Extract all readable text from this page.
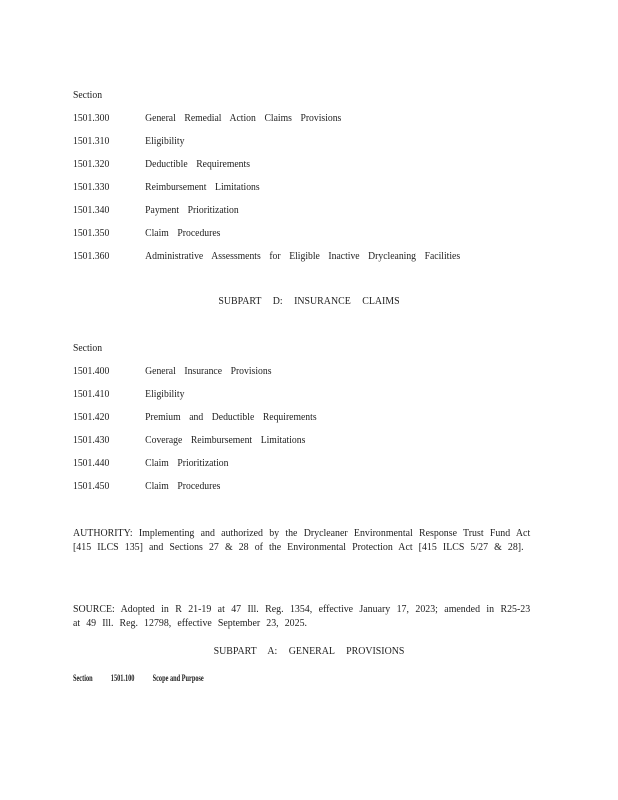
Section
1501.300	General Remedial Action Claims Provisions
1501.310	Eligibility
1501.320	Deductible Requirements
1501.330	Reimbursement Limitations
1501.340	Payment Prioritization
1501.350	Claim Procedures
1501.360	Administrative Assessments for Eligible Inactive Drycleaning Facilities
SUBPART D: INSURANCE CLAIMS
Section
1501.400	General Insurance Provisions
1501.410	Eligibility
1501.420	Premium and Deductible Requirements
1501.430	Coverage Reimbursement Limitations
1501.440	Claim Prioritization
1501.450	Claim Procedures
AUTHORITY: Implementing and authorized by the Drycleaner Environmental Response Trust Fund Act [415 ILCS 135] and Sections 27 & 28 of the Environmental Protection Act [415 ILCS 5/27 & 28].
SOURCE: Adopted in R 21-19 at 47 Ill. Reg. 1354, effective January 17, 2023; amended in R25-23 at 49 Ill. Reg. 12798, effective September 23, 2025.
SUBPART A: GENERAL PROVISIONS
Section 1501.100 Scope and Purpose
